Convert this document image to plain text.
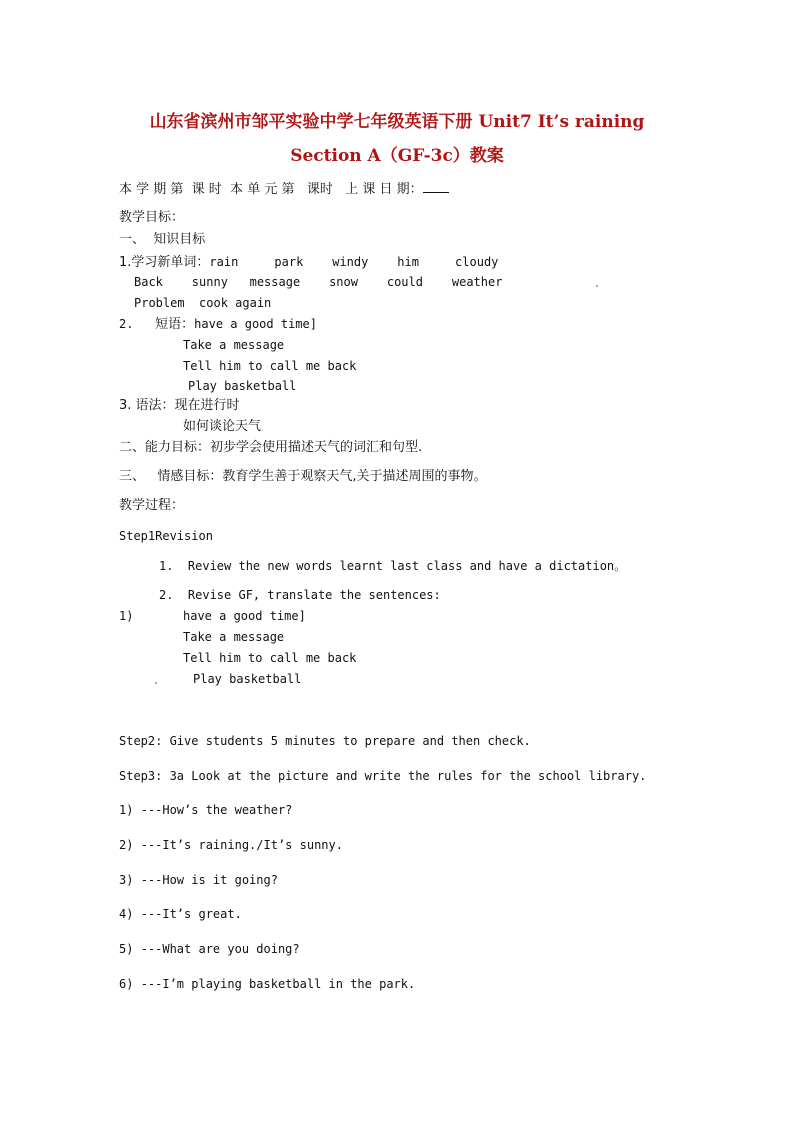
山东省滨州市邹平实验中学七年级英语下册 Unit7 It’s raining
Section A（GF-3c）教案
本 学 期 第  课 时  本 单 元 第   课时   上 课 日 期：
教学目标：
一、  知识目标
1.学习新单词：rain     park    windy    him     cloudy
Back    sunny   message    snow    could    weather
Problem  cook again
2. 短语：have a good time]
Take a message
Tell him to call me back
Play basketball
3. 语法：现在进行时
如何谈论天气
二、能力目标：初步学会使用描述天气的词汇和句型.
三、   情感目标：教育学生善于观察天气,关于描述周围的事物。
教学过程：
Step1Revision
1.  Review the new words learnt last class and have a dictation。
2.  Revise GF, translate the sentences:
1)	have a good time]
Take a message
Tell him to call me back
Play basketball
Step2: Give students 5 minutes to prepare and then check.
Step3: 3a Look at the picture and write the rules for the school library.
1) ---How’s the weather?
2) ---It’s raining./It’s sunny.
3) ---How is it going?
4) ---It’s great.
5) ---What are you doing?
6) ---I’m playing basketball in the park.
